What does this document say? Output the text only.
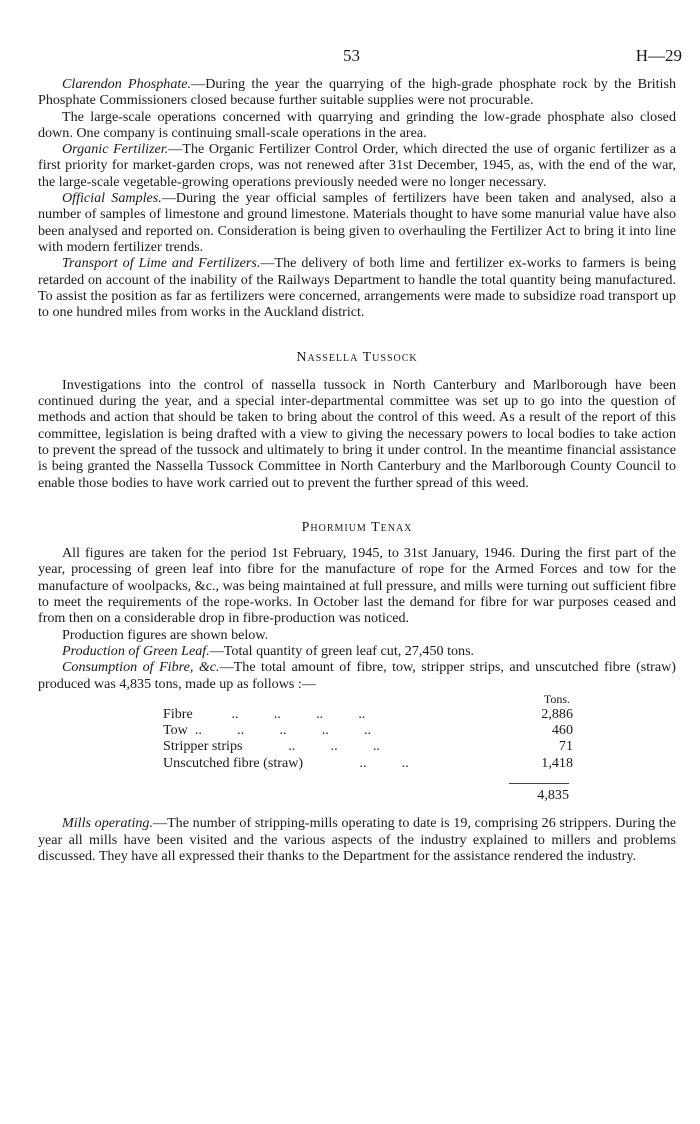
53	H—29

Clarendon Phosphate.—During the year the quarrying of the high-grade phosphate rock by the British Phosphate Commissioners closed because further suitable supplies were not procurable.

The large-scale operations concerned with quarrying and grinding the low-grade phosphate also closed down. One company is continuing small-scale operations in the area.

Organic Fertilizer.—The Organic Fertilizer Control Order, which directed the use of organic fertilizer as a first priority for market-garden crops, was not renewed after 31st December, 1945, as, with the end of the war, the large-scale vegetable-growing operations previously needed were no longer necessary.

Official Samples.—During the year official samples of fertilizers have been taken and analysed, also a number of samples of limestone and ground limestone. Materials thought to have some manurial value have also been analysed and reported on. Consideration is being given to overhauling the Fertilizer Act to bring it into line with modern fertilizer trends.

Transport of Lime and Fertilizers.—The delivery of both lime and fertilizer ex-works to farmers is being retarded on account of the inability of the Railways Department to handle the total quantity being manufactured. To assist the position as far as fertilizers were concerned, arrangements were made to subsidize road transport up to one hundred miles from works in the Auckland district.

Nassella Tussock

Investigations into the control of nassella tussock in North Canterbury and Marlborough have been continued during the year, and a special inter-departmental committee was set up to go into the question of methods and action that should be taken to bring about the control of this weed. As a result of the report of this committee, legislation is being drafted with a view to giving the necessary powers to local bodies to take action to prevent the spread of the tussock and ultimately to bring it under control. In the meantime financial assistance is being granted the Nassella Tussock Committee in North Canterbury and the Marlborough County Council to enable those bodies to have work carried out to prevent the further spread of this weed.

Phormium Tenax

All figures are taken for the period 1st February, 1945, to 31st January, 1946. During the first part of the year, processing of green leaf into fibre for the manufacture of rope for the Armed Forces and tow for the manufacture of woolpacks, &c., was being maintained at full pressure, and mills were turning out sufficient fibre to meet the requirements of the rope-works. In October last the demand for fibre for war purposes ceased and from then on a considerable drop in fibre-production was noticed.

Production figures are shown below.

Production of Green Leaf.—Total quantity of green leaf cut, 27,450 tons.

Consumption of Fibre, &c.—The total amount of fibre, tow, stripper strips, and unscutched fibre (straw) produced was 4,835 tons, made up as follows :—

Tons.
Fibre           ..          ..          ..          ..	2,886
Tow  ..          ..          ..          ..          ..	460
Stripper strips             ..          ..          ..	71
Unscutched fibre (straw)                ..          ..	1,418
4,835

Mills operating.—The number of stripping-mills operating to date is 19, comprising 26 strippers. During the year all mills have been visited and the various aspects of the industry explained to millers and problems discussed. They have all expressed their thanks to the Department for the assistance rendered the industry.
